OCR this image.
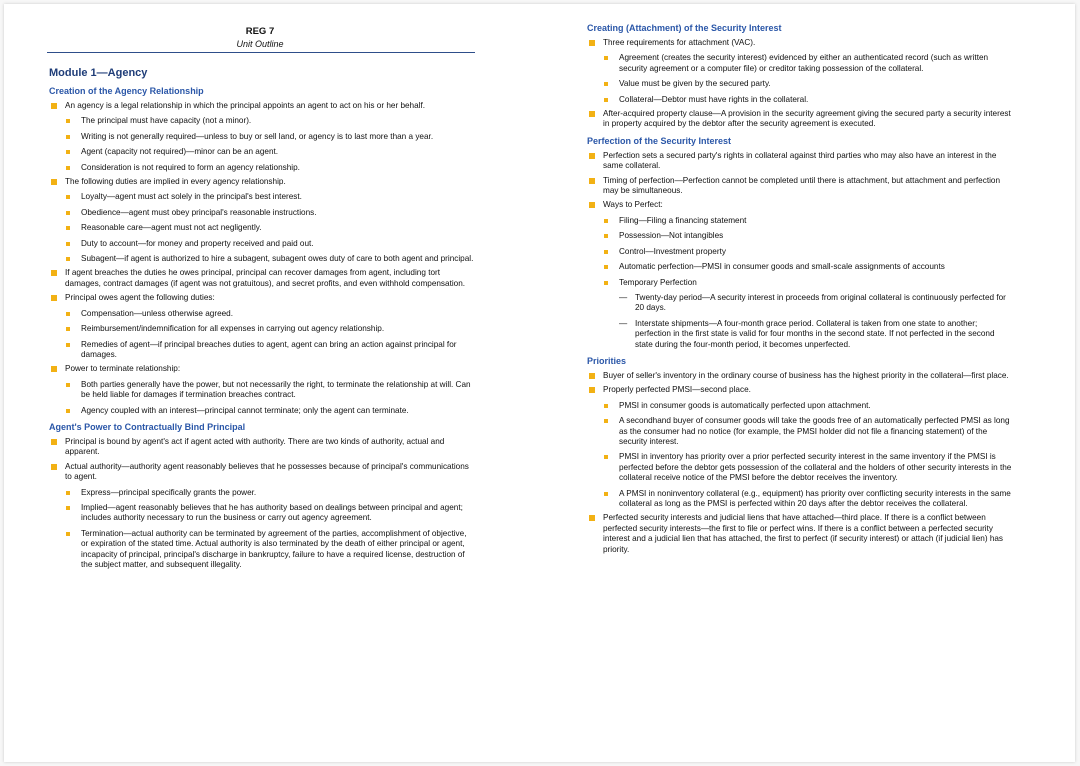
REG 7
Unit Outline
Module 1—Agency
Creation of the Agency Relationship
An agency is a legal relationship in which the principal appoints an agent to act on his or her behalf.
The principal must have capacity (not a minor).
Writing is not generally required—unless to buy or sell land, or agency is to last more than a year.
Agent (capacity not required)—minor can be an agent.
Consideration is not required to form an agency relationship.
The following duties are implied in every agency relationship.
Loyalty—agent must act solely in the principal's best interest.
Obedience—agent must obey principal's reasonable instructions.
Reasonable care—agent must not act negligently.
Duty to account—for money and property received and paid out.
Subagent—if agent is authorized to hire a subagent, subagent owes duty of care to both agent and principal.
If agent breaches the duties he owes principal, principal can recover damages from agent, including tort damages, contract damages (if agent was not gratuitous), and secret profits, and even withhold compensation.
Principal owes agent the following duties:
Compensation—unless otherwise agreed.
Reimbursement/indemnification for all expenses in carrying out agency relationship.
Remedies of agent—if principal breaches duties to agent, agent can bring an action against principal for damages.
Power to terminate relationship:
Both parties generally have the power, but not necessarily the right, to terminate the relationship at will. Can be held liable for damages if termination breaches contract.
Agency coupled with an interest—principal cannot terminate; only the agent can terminate.
Agent's Power to Contractually Bind Principal
Principal is bound by agent's act if agent acted with authority. There are two kinds of authority, actual and apparent.
Actual authority—authority agent reasonably believes that he possesses because of principal's communications to agent.
Express—principal specifically grants the power.
Implied—agent reasonably believes that he has authority based on dealings between principal and agent; includes authority necessary to run the business or carry out agency agreement.
Termination—actual authority can be terminated by agreement of the parties, accomplishment of objective, or expiration of the stated time. Actual authority is also terminated by the death of either principal or agent, incapacity of principal, principal's discharge in bankruptcy, failure to have a required license, destruction of the subject matter, and subsequent illegality.
Creating (Attachment) of the Security Interest
Three requirements for attachment (VAC).
Agreement (creates the security interest) evidenced by either an authenticated record (such as written security agreement or a computer file) or creditor taking possession of the collateral.
Value must be given by the secured party.
Collateral—Debtor must have rights in the collateral.
After-acquired property clause—A provision in the security agreement giving the secured party a security interest in property acquired by the debtor after the security agreement is executed.
Perfection of the Security Interest
Perfection sets a secured party's rights in collateral against third parties who may also have an interest in the same collateral.
Timing of perfection—Perfection cannot be completed until there is attachment, but attachment and perfection may be simultaneous.
Ways to Perfect:
Filing—Filing a financing statement
Possession—Not intangibles
Control—Investment property
Automatic perfection—PMSI in consumer goods and small-scale assignments of accounts
Temporary Perfection
— Twenty-day period—A security interest in proceeds from original collateral is continuously perfected for 20 days.
— Interstate shipments—A four-month grace period. Collateral is taken from one state to another; perfection in the first state is valid for four months in the second state. If not perfected in the second state during the four-month period, it becomes unperfected.
Priorities
Buyer of seller's inventory in the ordinary course of business has the highest priority in the collateral—first place.
Properly perfected PMSI—second place.
PMSI in consumer goods is automatically perfected upon attachment.
A secondhand buyer of consumer goods will take the goods free of an automatically perfected PMSI as long as the consumer had no notice (for example, the PMSI holder did not file a financing statement) of the security interest.
PMSI in inventory has priority over a prior perfected security interest in the same inventory if the PMSI is perfected before the debtor gets possession of the collateral and the holders of other security interests in the collateral receive notice of the PMSI before the debtor receives the inventory.
A PMSI in noninventory collateral (e.g., equipment) has priority over conflicting security interests in the same collateral as long as the PMSI is perfected within 20 days after the debtor receives the collateral.
Perfected security interests and judicial liens that have attached—third place. If there is a conflict between perfected security interests—the first to file or perfect wins. If there is a conflict between a perfected security interest and a judicial lien that has attached, the first to perfect (if security interest) or attach (if judicial lien) has priority.
